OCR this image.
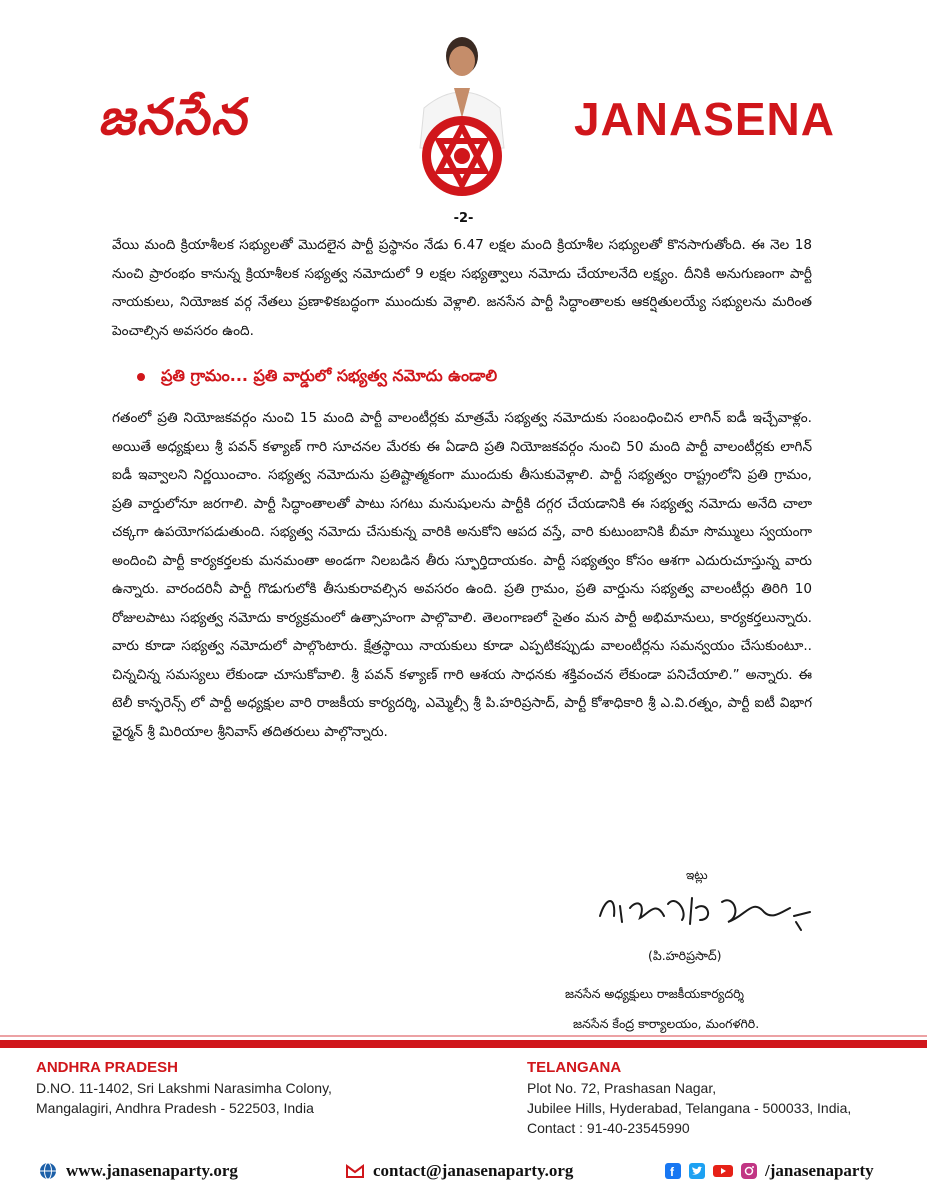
జనసేన	JANASENA
-2-

వేయి మంది క్రియాశీలక సభ్యులతో మొదలైన పార్టీ ప్రస్థానం నేడు 6.47 లక్షల మంది క్రియాశీల సభ్యులతో కొనసాగుతోంది. ఈ నెల 18 నుంచి ప్రారంభం కానున్న క్రియాశీలక సభ్యత్వ నమోదులో 9 లక్షల సభ్యత్వాలు నమోదు చేయాలనేది లక్ష్యం. దీనికి అనుగుణంగా పార్టీ నాయకులు, నియోజక వర్గ నేతలు ప్రణాళికబద్ధంగా ముందుకు వెళ్లాలి. జనసేన పార్టీ సిద్ధాంతాలకు ఆకర్షితులయ్యే సభ్యులను మరింత పెంచాల్సిన అవసరం ఉంది.

ప్రతి గ్రామం... ప్రతి వార్డులో సభ్యత్వ నమోదు ఉండాలి

గతంలో ప్రతి నియోజకవర్గం నుంచి 15 మంది పార్టీ వాలంటీర్లకు మాత్రమే సభ్యత్వ నమోదుకు సంబంధించిన లాగిన్ ఐడీ ఇచ్చేవాళ్లం. అయితే అధ్యక్షులు శ్రీ పవన్ కళ్యాణ్ గారి సూచనల మేరకు ఈ ఏడాది ప్రతి నియోజకవర్గం నుంచి 50 మంది పార్టీ వాలంటీర్లకు లాగిన్ ఐడీ ఇవ్వాలని నిర్ణయించాం. సభ్యత్వ నమోదును ప్రతిష్టాత్మకంగా ముందుకు తీసుకువెళ్లాలి. పార్టీ సభ్యత్వం రాష్ట్రంలోని ప్రతి గ్రామం, ప్రతి వార్డులోనూ జరగాలి. పార్టీ సిద్ధాంతాలతో పాటు సగటు మనుషులను పార్టీకి దగ్గర చేయడానికి ఈ సభ్యత్వ నమోదు అనేది చాలా చక్కగా ఉపయోగపడుతుంది. సభ్యత్వ నమోదు చేసుకున్న వారికి అనుకోని ఆపద వస్తే, వారి కుటుంబానికి బీమా సొమ్ములు స్వయంగా అందించి పార్టీ కార్యకర్తలకు మనమంతా అండగా నిలబడిన తీరు స్ఫూర్తిదాయకం. పార్టీ సభ్యత్వం కోసం ఆశగా ఎదురుచూస్తున్న వారు ఉన్నారు. వారందరినీ పార్టీ గొడుగులోకి తీసుకురావల్సిన అవసరం ఉంది. ప్రతి గ్రామం, ప్రతి వార్డును సభ్యత్వ వాలంటీర్లు తిరిగి 10 రోజులపాటు సభ్యత్వ నమోదు కార్యక్రమంలో ఉత్సాహంగా పాల్గొవాలి. తెలంగాణలో సైతం మన పార్టీ అభిమానులు, కార్యకర్తలున్నారు. వారు కూడా సభ్యత్వ నమోదులో పాల్గొంటారు. క్షేత్రస్థాయి నాయకులు కూడా ఎప్పటికప్పుడు వాలంటీర్లను సమన్వయం చేసుకుంటూ.. చిన్నచిన్న సమస్యలు లేకుండా చూసుకోవాలి. శ్రీ పవన్ కళ్యాణ్ గారి ఆశయ సాధనకు శక్తివంచన లేకుండా పనిచేయాలి.” అన్నారు. ఈ టెలీ కాన్ఫరెన్స్ లో పార్టీ అధ్యక్షుల వారి రాజకీయ కార్యదర్శి, ఎమ్మెల్సీ శ్రీ పి.హరిప్రసాద్, పార్టీ కోశాధికారి శ్రీ ఎ.వి.రత్నం, పార్టీ ఐటీ విభాగ ఛైర్మన్ శ్రీ మిరియాల శ్రీనివాస్ తదితరులు పాల్గొన్నారు.

ఇట్లు
(పి.హరిప్రసాద్)
జనసేన అధ్యక్షులు రాజకీయకార్యదర్శి
జనసేన కేంద్ర కార్యాలయం, మంగళగిరి.
ANDHRA PRADESH
D.NO. 11-1402, Sri Lakshmi Narasimha Colony,
Mangalagiri, Andhra Pradesh - 522503, India
TELANGANA
Plot No. 72, Prashasan Nagar,
Jubilee Hills, Hyderabad, Telangana - 500033, India,
Contact : 91-40-23545990
www.janasenaparty.org	contact@janasenaparty.org	f	/janasenaparty
